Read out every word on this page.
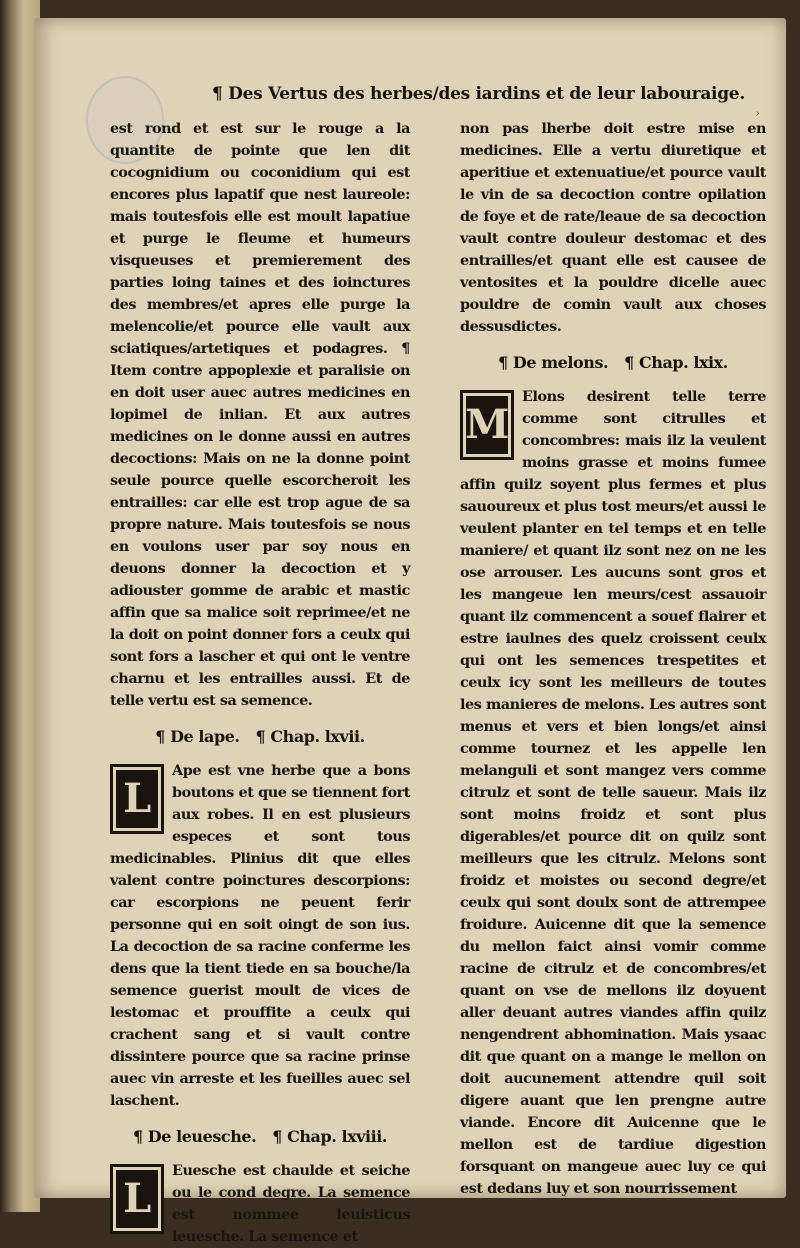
›
¶ Des Vertus des herbes/des iardins et de leur labouraige.

est rond et est sur le rouge a la quantite de pointe que len dit cocognidium ou coconidium qui est encores plus lapatif que nest laureole: mais toutesfois elle est moult lapatiue et purge le fleume et humeurs visqueuses et premierement des parties loing taines et des ioinctures des membres/et apres elle purge la melencolie/et pource elle vault aux sciatiques/artetiques et podagres. ¶ Item contre appoplexie et paralisie on en doit user auec autres medicines en lopimel de inlian. Et aux autres medicines on le donne aussi en autres decoctions: Mais on ne la donne point seule pource quelle escorcheroit les entrailles: car elle est trop ague de sa propre nature. Mais toutesfois se nous en voulons user par soy nous en deuons donner la decoction et y adiouster gomme de arabic et mastic affin que sa malice soit reprimee/et ne la doit on point donner fors a ceulx qui sont fors a lascher et qui ont le ventre charnu et les entrailles aussi. Et de telle vertu est sa semence.

¶ De lape. ¶ Chap. lxvii.

L
Ape est vne herbe que a bons boutons et que se tiennent fort aux robes. Il en est plusieurs especes et sont tous medicinables. Plinius dit que elles valent contre poinctures descorpions: car escorpions ne peuent ferir personne qui en soit oingt de son ius. La decoction de sa racine conferme les dens que la tient tiede en sa bouche/la semence guerist moult de vices de lestomac et prouffite a ceulx qui crachent sang et si vault contre dissintere pource que sa racine prinse auec vin arreste et les fueilles auec sel laschent.

¶ De leuesche. ¶ Chap. lxviii.

L
Euesche est chaulde et seiche ou le cond degre. La semence est nommee leuisticus leuesche. La semence et

non pas lherbe doit estre mise en medicines. Elle a vertu diuretique et aperitiue et extenuatiue/et pource vault le vin de sa decoction contre opilation de foye et de rate/leaue de sa decoction vault contre douleur destomac et des entrailles/et quant elle est causee de ventosites et la pouldre dicelle auec pouldre de comin vault aux choses dessusdictes.

¶ De melons. ¶ Chap. lxix.

M
Elons desirent telle terre comme sont citrulles et concombres: mais ilz la veulent moins grasse et moins fumee affin quilz soyent plus fermes et plus sauoureux et plus tost meurs/et aussi le veulent planter en tel temps et en telle maniere/ et quant ilz sont nez on ne les ose arrouser. Les aucuns sont gros et les mangeue len meurs/cest assauoir quant ilz commencent a souef flairer et estre iaulnes des quelz croissent ceulx qui ont les semences trespetites et ceulx icy sont les meilleurs de toutes les manieres de melons. Les autres sont menus et vers et bien longs/et ainsi comme tournez et les appelle len melanguli et sont mangez vers comme citrulz et sont de telle saueur. Mais ilz sont moins froidz et sont plus digerables/et pource dit on quilz sont meilleurs que les citrulz. Melons sont froidz et moistes ou second degre/et ceulx qui sont doulx sont de attrempee froidure. Auicenne dit que la semence du mellon faict ainsi vomir comme racine de citrulz et de concombres/et quant on vse de mellons ilz doyuent aller deuant autres viandes affin quilz nengendrent abhomination. Mais ysaac dit que quant on a mange le mellon on doit aucunement attendre quil soit digere auant que len prengne autre viande. Encore dit Auicenne que le mellon est de tardiue digestion forsquant on mangeue auec luy ce qui est dedans luy et son nourrissement
